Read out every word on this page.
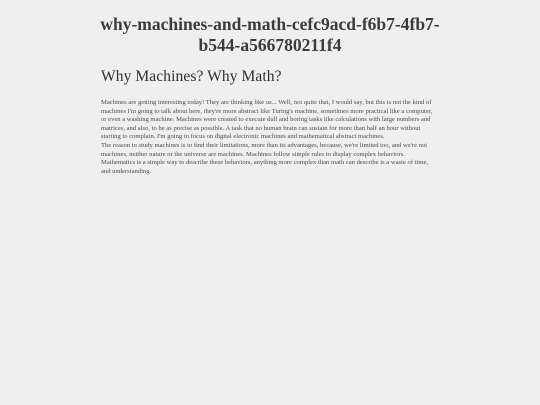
why-machines-and-math-cefc9acd-f6b7-4fb7-b544-a566780211f4
Why Machines? Why Math?

Machines are getting interesting today! They are thinking like us... Well, not quite that, I would say, but this is not the kind of machines I'm going to talk about here, they're more abstract like Turing's machine, sometimes more practical like a computer, or even a washing machine. Machines were created to execute dull and boring tasks like calculations with large numbers and matrices, and also, to be as precise as possible. A task that no human brain can sustain for more than half an hour without starting to complain. I'm going to focus on digital electronic machines and mathematical abstract machines.

The reason to study machines is to find their limitations, more than its advantages, because, we're limited too, and we're not machines, neither nature or the universe are machines. Machines follow simple rules to display complex behaviors. Mathematics is a simple way to describe these behaviors, anything more complex than math can describe is a waste of time, and understanding.
